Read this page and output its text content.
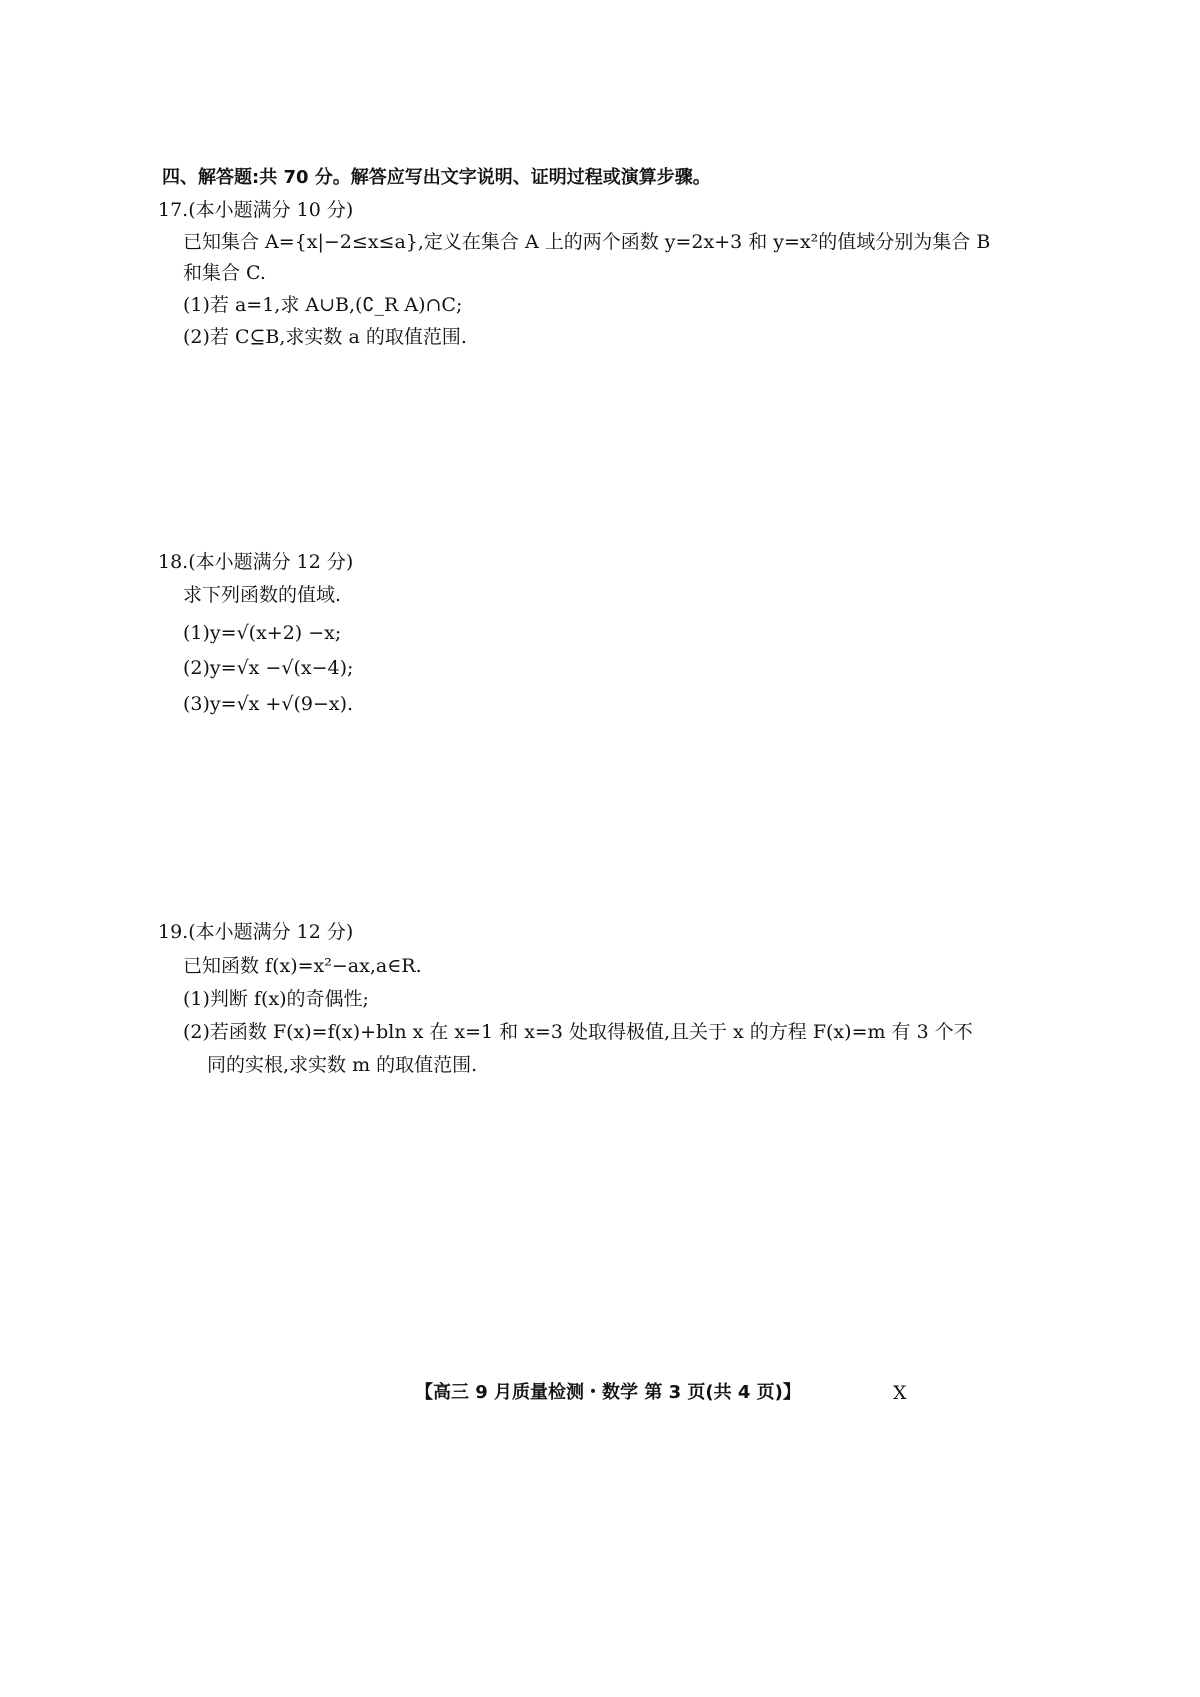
四、解答题:共 70 分。解答应写出文字说明、证明过程或演算步骤。
17.(本小题满分 10 分)
已知集合 A={x|−2≤x≤a},定义在集合 A 上的两个函数 y=2x+3 和 y=x²的值域分别为集合 B
和集合 C.
(1)若 a=1,求 A∪B,(∁_R A)∩C;
(2)若 C⊆B,求实数 a 的取值范围.
18.(本小题满分 12 分)
求下列函数的值域.
(1)y=√(x+2) −x;
(2)y=√x −√(x−4);
(3)y=√x +√(9−x).
19.(本小题满分 12 分)
已知函数 f(x)=x²−ax,a∈R.
(1)判断 f(x)的奇偶性;
(2)若函数 F(x)=f(x)+bln x 在 x=1 和 x=3 处取得极值,且关于 x 的方程 F(x)=m 有 3 个不
同的实根,求实数 m 的取值范围.
【高三 9 月质量检测・数学 第 3 页(共 4 页)】	X
